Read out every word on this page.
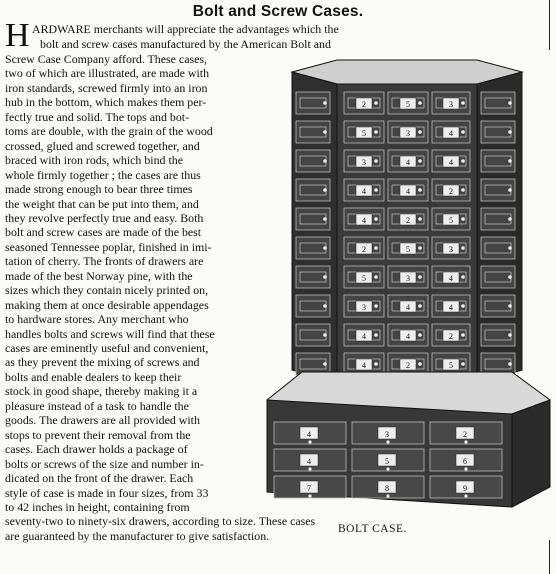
Bolt and Screw Cases.
H ARDWARE merchants will appreciate the advantages which the
bolt and screw cases manufactured by the American Bolt and
Screw Case Company afford. These cases,
two of which are illustrated, are made with
iron standards, screwed firmly into an iron
hub in the bottom, which makes them per-
fectly true and solid. The tops and bot-
toms are double, with the grain of the wood
crossed, glued and screwed together, and
braced with iron rods, which bind the
whole firmly together ; the cases are thus
made strong enough to bear three times
the weight that can be put into them, and
they revolve perfectly true and easy. Both
bolt and screw cases are made of the best
seasoned Tennessee poplar, finished in imi-
tation of cherry. The fronts of drawers are
made of the best Norway pine, with the
sizes which they contain nicely printed on,
making them at once desirable appendages
to hardware stores. Any merchant who
handles bolts and screws will find that these
cases are eminently useful and convenient,
as they prevent the mixing of screws and
bolts and enable dealers to keep their
stock in good shape, thereby making it a
pleasure instead of a task to handle the
goods. The drawers are all provided with
stops to prevent their removal from the
cases. Each drawer holds a package of
bolts or screws of the size and number in-
dicated on the front of the drawer. Each
style of case is made in four sizes, from 33
to 42 inches in height, containing from
seventy-two to ninety-six drawers, according to size. These cases
are guaranteed by the manufacturer to give satisfaction.
2	5	3
5	3	4
3	4	4
4	4	2
4	2	5
2	5	3
5	3	4
3	4	4
4	4	2
4	2	5
4	3	2
4	5	6
7	8	9
BOLT CASE.
